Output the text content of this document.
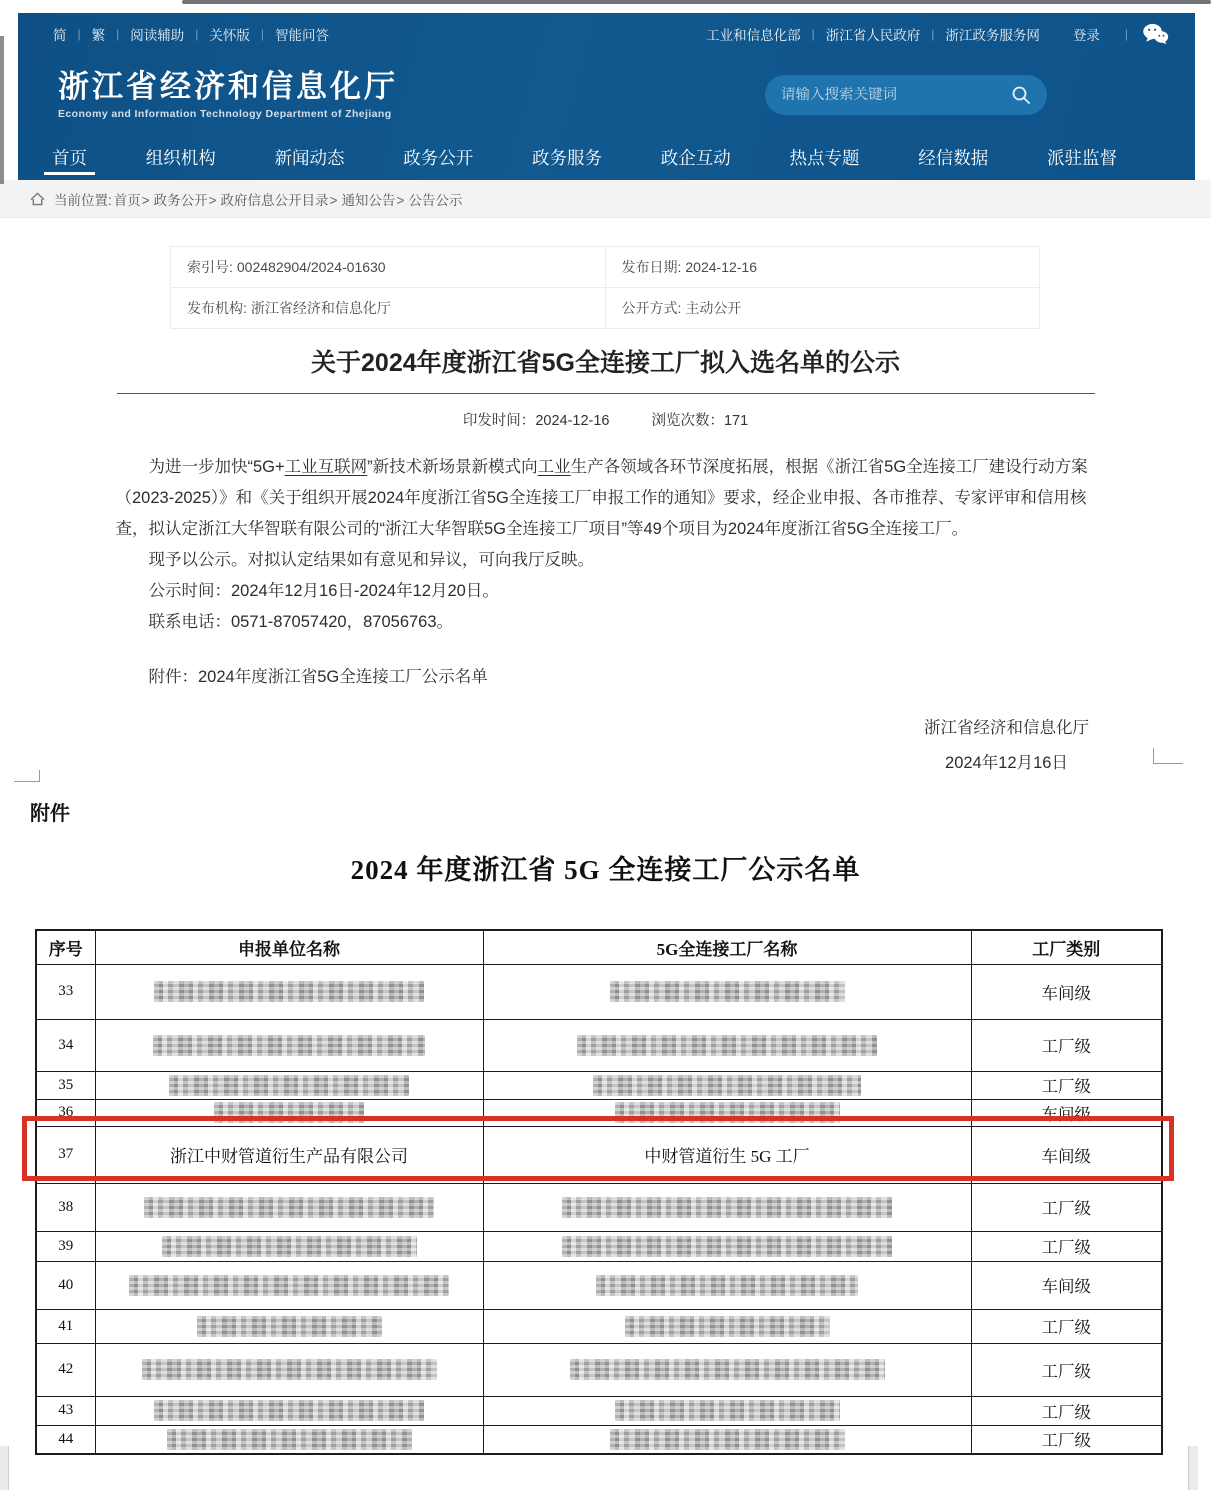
简 | 繁 | 阅读辅助 | 关怀版 | 智能问答	工业和信息化部 | 浙江省人民政府 | 浙江政务服务网 登录 |
浙江省经济和信息化厅
Economy and Information Technology Department of Zhejiang
请输入搜索关键词
首页	组织机构	新闻动态	政务公开	政务服务	政企互动	热点专题	经信数据	派驻监督
当前位置: 首页> 政务公开> 政府信息公开目录> 通知公告> 公告公示
索引号: 002482904/2024-01630	发布日期: 2024-12-16
发布机构: 浙江省经济和信息化厅	公开方式: 主动公开
关于2024年度浙江省5G全连接工厂拟入选名单的公示
印发时间：2024-12-16	浏览次数：171

为进一步加快“5G+工业互联网”新技术新场景新模式向工业生产各领域各环节深度拓展，根据《浙江省5G全连接工厂建设行动方案（2023-2025）》和《关于组织开展2024年度浙江省5G全连接工厂申报工作的通知》要求，经企业申报、各市推荐、专家评审和信用核查，拟认定浙江大华智联有限公司的“浙江大华智联5G全连接工厂项目”等49个项目为2024年度浙江省5G全连接工厂。

现予以公示。对拟认定结果如有意见和异议，可向我厅反映。

公示时间：2024年12月16日-2024年12月20日。

联系电话：0571-87057420，87056763。

附件：2024年度浙江省5G全连接工厂公示名单

浙江省经济和信息化厅
2024年12月16日
附件
2024 年度浙江省 5G 全连接工厂公示名单
序号	申报单位名称	5G全连接工厂名称	工厂类别
33			车间级
34			工厂级
35			工厂级
36			车间级
37	浙江中财管道衍生产品有限公司	中财管道衍生 5G 工厂	车间级
38			工厂级
39			工厂级
40			车间级
41			工厂级
42			工厂级
43			工厂级
44			工厂级
